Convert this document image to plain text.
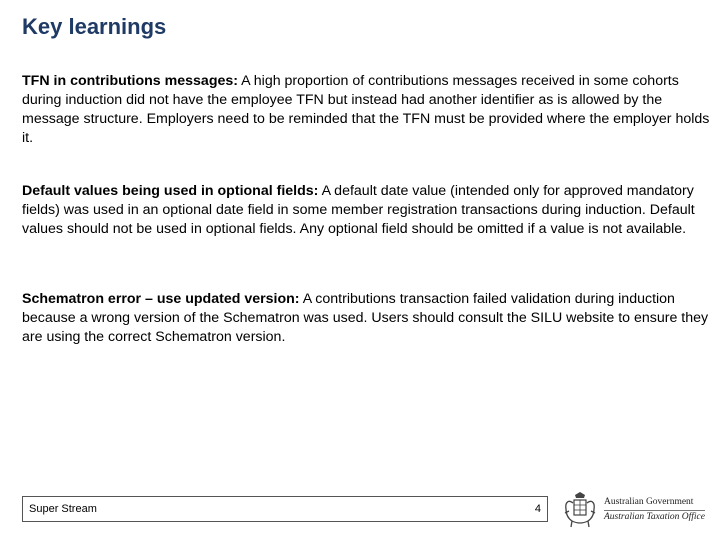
Key learnings

TFN in contributions messages: A high proportion of contributions messages received in some cohorts during induction did not have the employee TFN but instead had another identifier as is allowed by the message structure. Employers need to be reminded that the TFN must be provided where the employer holds it.

Default values being used in optional fields: A default date value (intended only for approved mandatory fields) was used in an optional date field in some member registration transactions during induction. Default values should not be used in optional fields. Any optional field should be omitted if a value is not available.

Schematron error – use updated version: A contributions transaction failed validation during induction because a wrong version of the Schematron was used. Users should consult the SILU website to ensure they are using the correct Schematron version.

Super Stream	4
Australian Government
Australian Taxation Office
